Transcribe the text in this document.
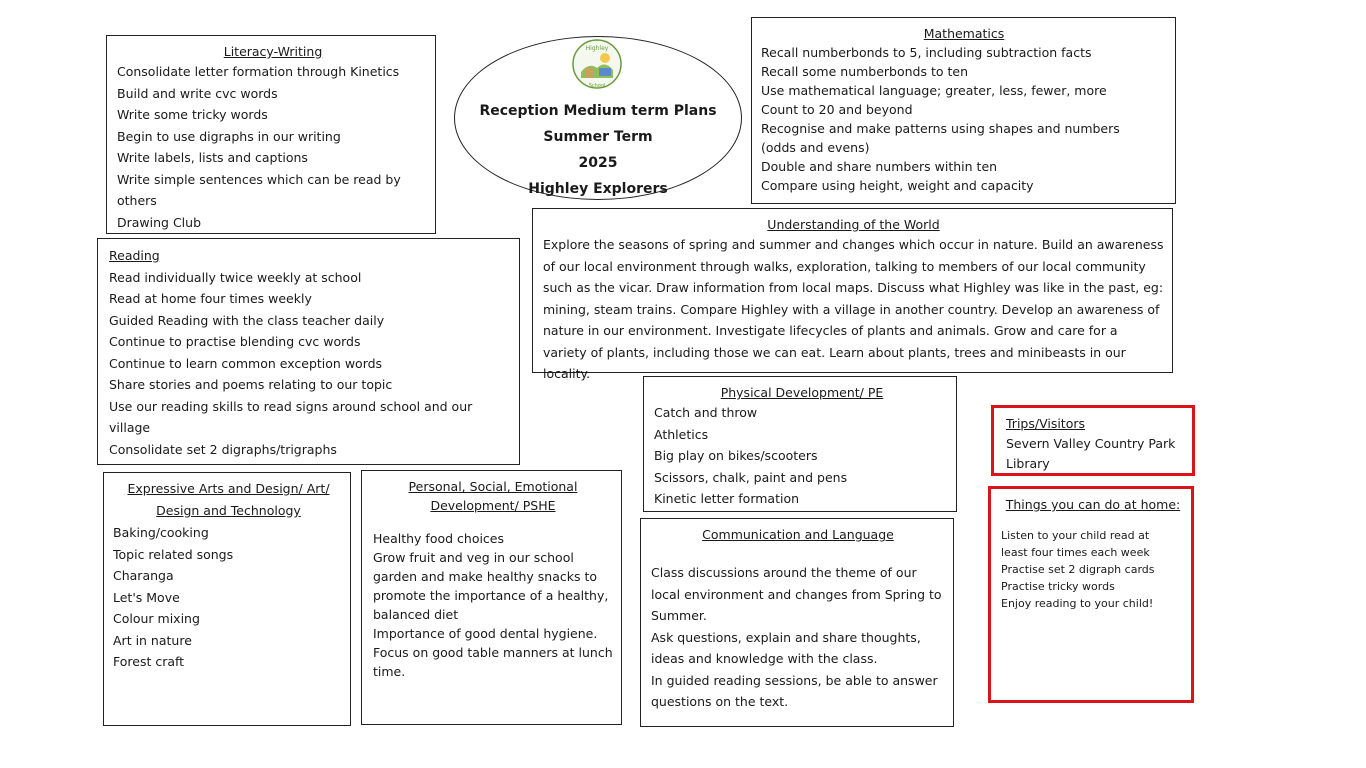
Highley
School
Reception Medium term Plans
Summer Term
2025
Highley Explorers
Literacy-Writing
Consolidate letter formation through Kinetics
Build and write cvc words
Write some tricky words
Begin to use digraphs in our writing
Write labels, lists and captions
Write simple sentences which can be read by others
Drawing Club
Mathematics
Recall numberbonds to 5, including subtraction facts
Recall some numberbonds to ten
Use mathematical language; greater, less, fewer, more
Count to 20 and beyond
Recognise and make patterns using shapes and numbers (odds and evens)
Double and share numbers within ten
Compare using height, weight and capacity
Reading
Read individually twice weekly at school
Read at home four times weekly
Guided Reading with the class teacher daily
Continue to practise blending cvc words
Continue to learn common exception words
Share stories and poems relating to our topic
Use our reading skills to read signs around school and our village
Consolidate set 2 digraphs/trigraphs
Understanding of the World
Explore the seasons of spring and summer and changes which occur in nature. Build an awareness of our local environment through walks, exploration, talking to members of our local community such as the vicar. Draw information from local maps. Discuss what Highley was like in the past, eg: mining, steam trains. Compare Highley with a village in another country. Develop an awareness of nature in our environment. Investigate lifecycles of plants and animals. Grow and care for a variety of plants, including those we can eat. Learn about plants, trees and minibeasts in our locality.
Physical Development/ PE
Catch and throw
Athletics
Big play on bikes/scooters
Scissors, chalk, paint and pens
Kinetic letter formation
Trips/Visitors
Severn Valley Country Park
Library
Things you can do at home:
Listen to your child read at least four times each week
Practise set 2 digraph cards
Practise tricky words
Enjoy reading to your child!
Expressive Arts and Design/ Art/ Design and Technology
Baking/cooking
Topic related songs
Charanga
Let's Move
Colour mixing
Art in nature
Forest craft
Personal, Social, Emotional Development/ PSHE
Healthy food choices
Grow fruit and veg in our school garden and make healthy snacks to promote the importance of a healthy, balanced diet
Importance of good dental hygiene.
Focus on good table manners at lunch time.
Communication and Language
Class discussions around the theme of our local environment and changes from Spring to Summer.
Ask questions, explain and share thoughts, ideas and knowledge with the class.
In guided reading sessions, be able to answer questions on the text.
